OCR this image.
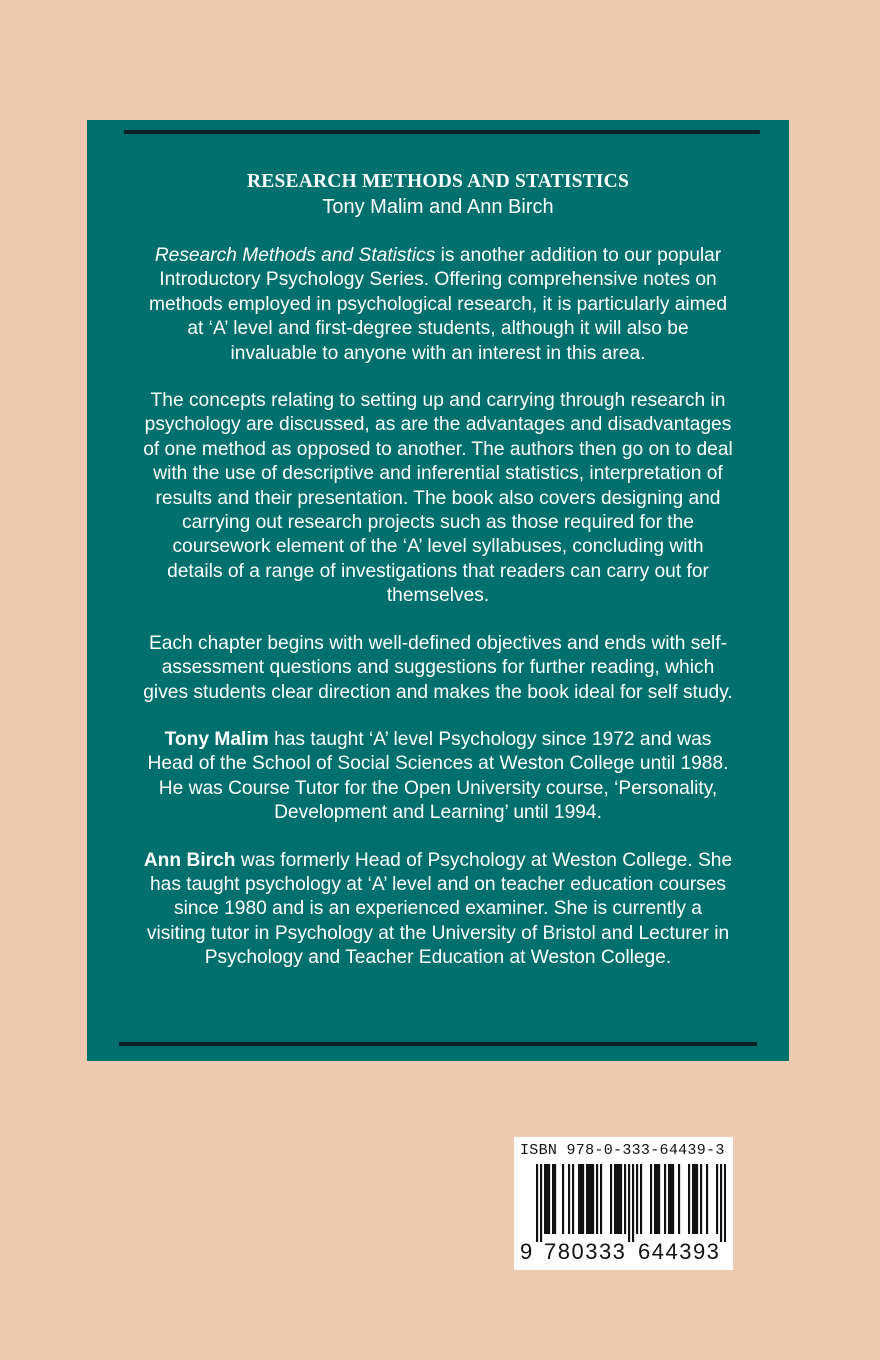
RESEARCH METHODS AND STATISTICS
Tony Malim and Ann Birch

Research Methods and Statistics is another addition to our popular Introductory Psychology Series. Offering comprehensive notes on methods employed in psychological research, it is particularly aimed at ‘A’ level and first-degree students, although it will also be invaluable to anyone with an interest in this area.

The concepts relating to setting up and carrying through research in psychology are discussed, as are the advantages and disadvantages of one method as opposed to another. The authors then go on to deal with the use of descriptive and inferential statistics, interpretation of results and their presentation. The book also covers designing and carrying out research projects such as those required for the coursework element of the ‘A’ level syllabuses, concluding with details of a range of investigations that readers can carry out for themselves.

Each chapter begins with well-defined objectives and ends with self-assessment questions and suggestions for further reading, which gives students clear direction and makes the book ideal for self study.

Tony Malim has taught ‘A’ level Psychology since 1972 and was Head of the School of Social Sciences at Weston College until 1988. He was Course Tutor for the Open University course, ‘Personality, Development and Learning’ until 1994.

Ann Birch was formerly Head of Psychology at Weston College. She has taught psychology at ‘A’ level and on teacher education courses since 1980 and is an experienced examiner. She is currently a visiting tutor in Psychology at the University of Bristol and Lecturer in Psychology and Teacher Education at Weston College.

ISBN 978-0-333-64439-3
9 780333 644393
